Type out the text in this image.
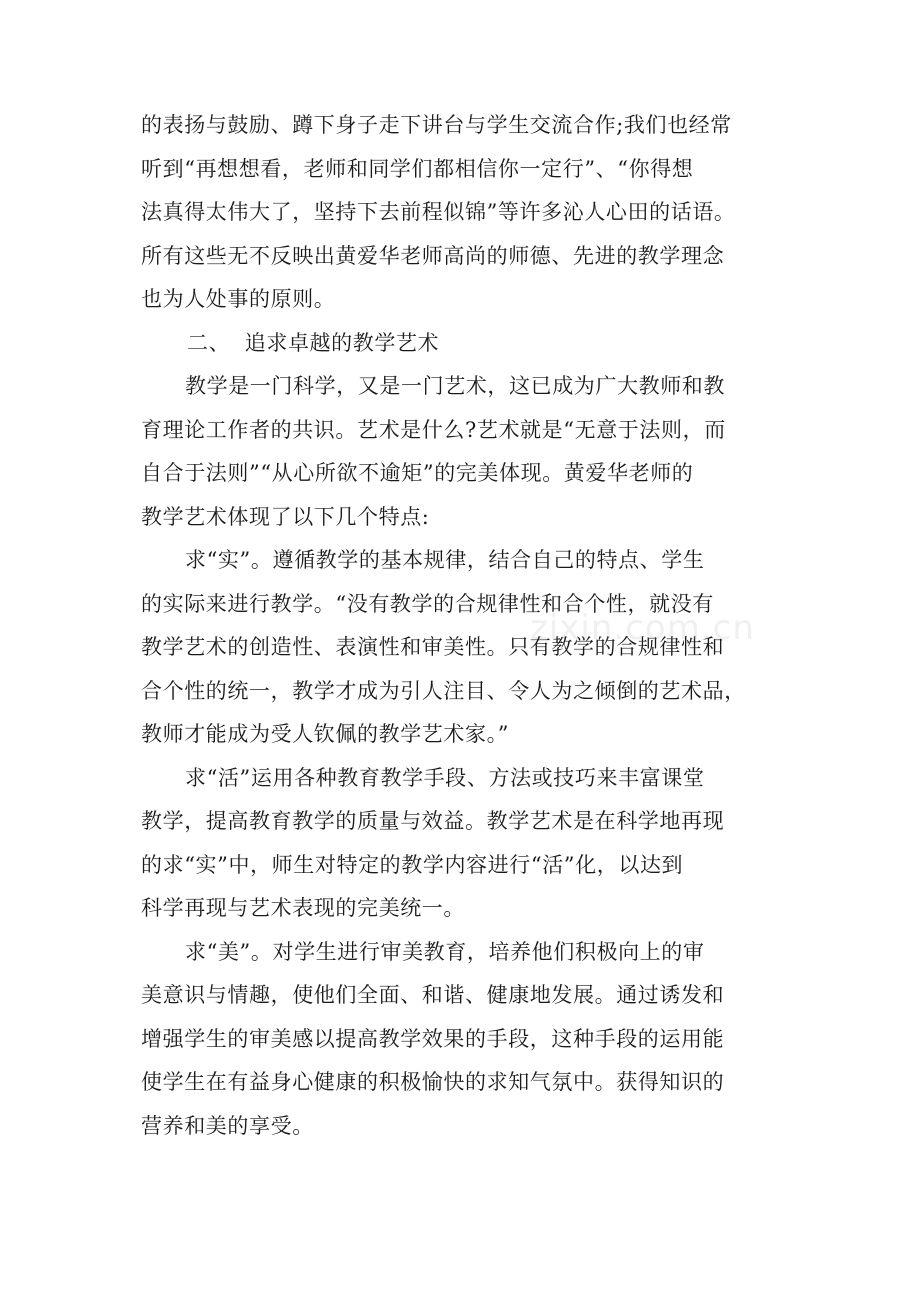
的表扬与鼓励、蹲下身子走下讲台与学生交流合作;我们也经常
听到“再想想看，老师和同学们都相信你一定行”、“你得想
法真得太伟大了，坚持下去前程似锦”等许多沁人心田的话语。
所有这些无不反映出黄爱华老师高尚的师德、先进的教学理念
也为人处事的原则。
二、  追求卓越的教学艺术
教学是一门科学，又是一门艺术，这已成为广大教师和教
育理论工作者的共识。艺术是什么?艺术就是“无意于法则，而
自合于法则”“从心所欲不逾矩”的完美体现。黄爱华老师的
教学艺术体现了以下几个特点:
求“实”。遵循教学的基本规律，结合自己的特点、学生
的实际来进行教学。“没有教学的合规律性和合个性，就没有
教学艺术的创造性、表演性和审美性。只有教学的合规律性和
合个性的统一，教学才成为引人注目、令人为之倾倒的艺术品，
教师才能成为受人钦佩的教学艺术家。”
求“活”运用各种教育教学手段、方法或技巧来丰富课堂
教学，提高教育教学的质量与效益。教学艺术是在科学地再现
的求“实”中，师生对特定的教学内容进行“活”化，以达到
科学再现与艺术表现的完美统一。
求“美”。对学生进行审美教育，培养他们积极向上的审
美意识与情趣，使他们全面、和谐、健康地发展。通过诱发和
增强学生的审美感以提高教学效果的手段，这种手段的运用能
使学生在有益身心健康的积极愉快的求知气氛中。获得知识的
营养和美的享受。
zixin.com.cn
